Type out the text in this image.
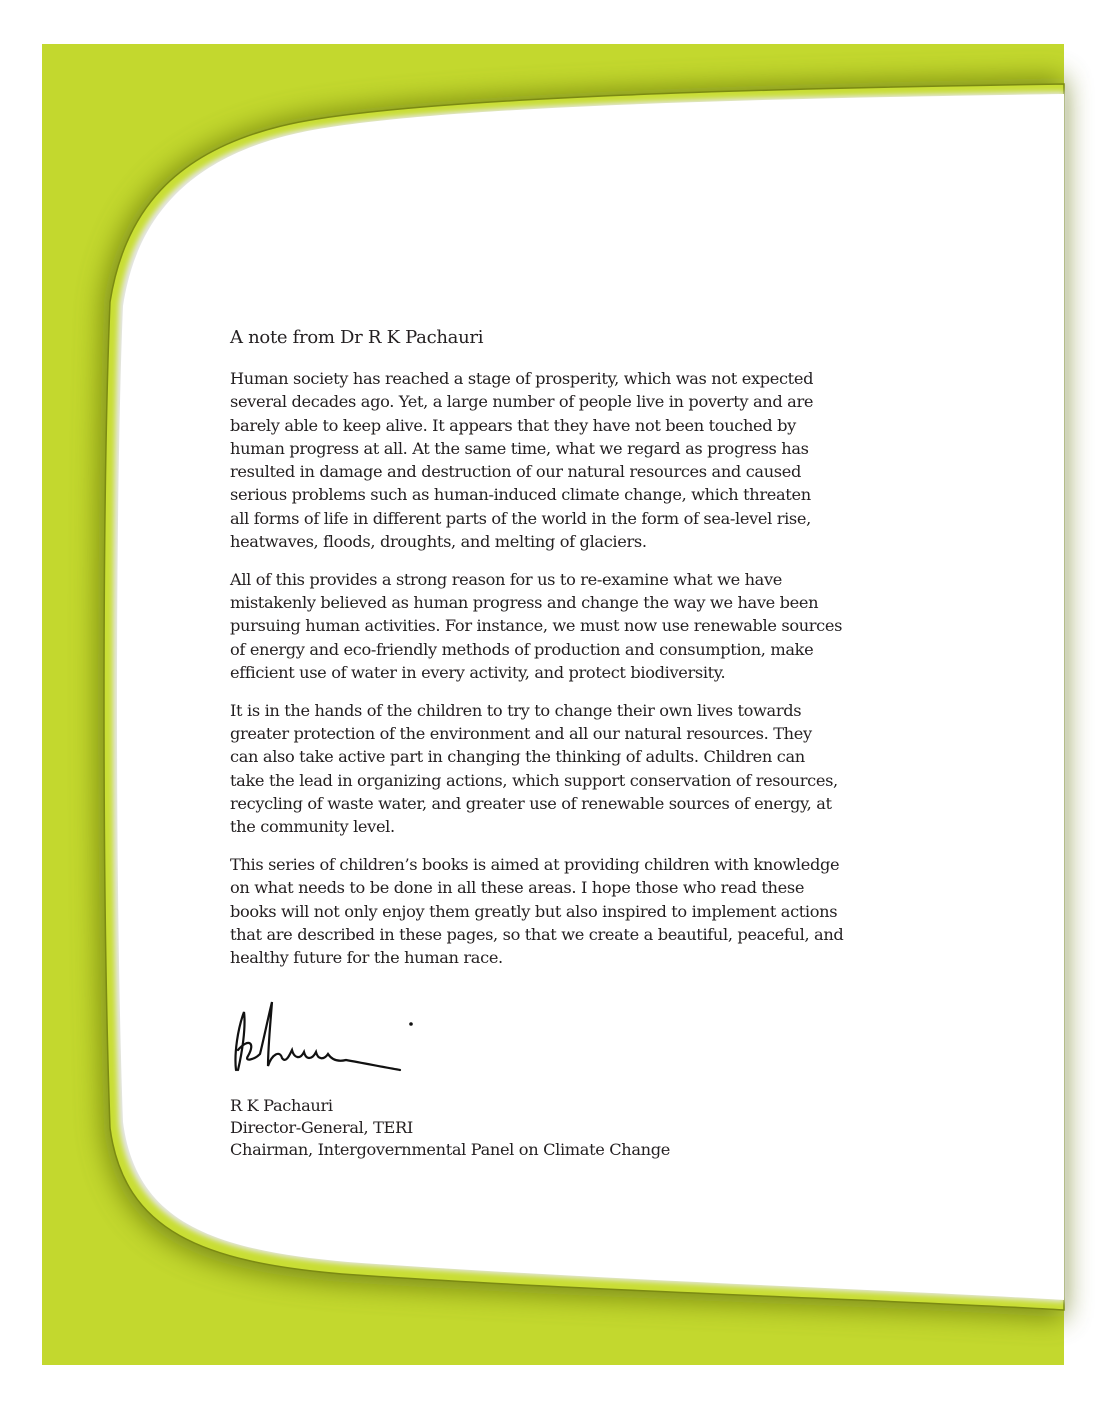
A note from Dr R K Pachauri
Human society has reached a stage of prosperity, which was not expected
several decades ago. Yet, a large number of people live in poverty and are
barely able to keep alive. It appears that they have not been touched by
human progress at all. At the same time, what we regard as progress has
resulted in damage and destruction of our natural resources and caused
serious problems such as human-induced climate change, which threaten
all forms of life in different parts of the world in the form of sea-level rise,
heatwaves, floods, droughts, and melting of glaciers.
All of this provides a strong reason for us to re-examine what we have
mistakenly believed as human progress and change the way we have been
pursuing human activities. For instance, we must now use renewable sources
of energy and eco-friendly methods of production and consumption, make
efficient use of water in every activity, and protect biodiversity.
It is in the hands of the children to try to change their own lives towards
greater protection of the environment and all our natural resources. They
can also take active part in changing the thinking of adults. Children can
take the lead in organizing actions, which support conservation of resources,
recycling of waste water, and greater use of renewable sources of energy, at
the community level.
This series of children’s books is aimed at providing children with knowledge
on what needs to be done in all these areas. I hope those who read these
books will not only enjoy them greatly but also inspired to implement actions
that are described in these pages, so that we create a beautiful, peaceful, and
healthy future for the human race.
R K Pachauri
Director-General, TERI
Chairman, Intergovernmental Panel on Climate Change
